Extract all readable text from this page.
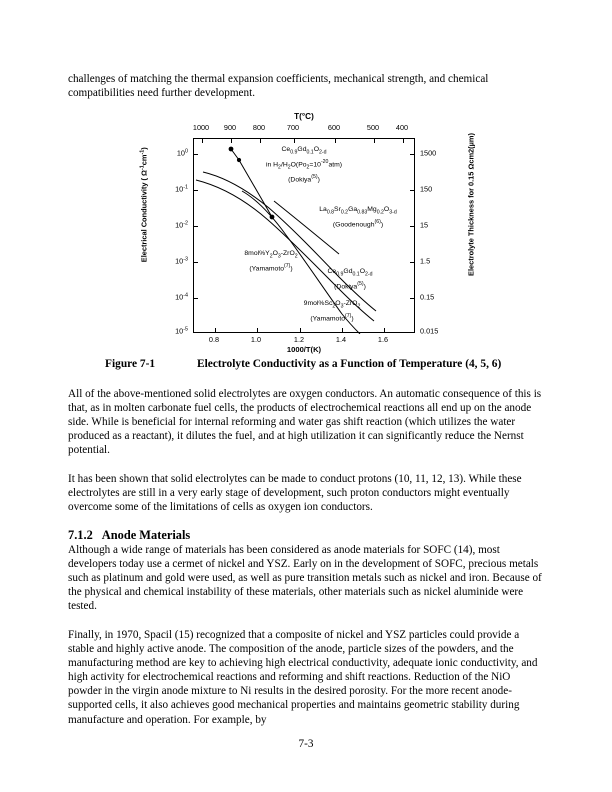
challenges of matching the thermal expansion coefficients, mechanical strength, and chemical compatibilities need further development.
T(°C)
1000 900 800	700	600	500 400
$Ce_{0.9}Gd_{0.1}O_{2-d}$
in $H_2/H_2O(Po_2=10^{-20}atm)$
(Dokiya$^{(5)}$)
$La_{0.8}Sr_{0.2}Ga_{0.83}Mg_{0.2}O_{3-d}$
(Goodenough$^{(6)}$)
$8mol\%Y_2O_3-ZrO_2$
(Yamamoto$^{(7)}$)	$Ce_{0.9}Gd_{0.1}O_{2-d}$
(Dokiya$^{(5)}$)
$9mol\%Sc_2O_3-ZrO_2$
(Yamamoto$^{(7)}$)
$10^0$
$10^{-1}$
$10^{-2}$
$10^{-3}$
$10^{-4}$
$10^{-5}$
1500
150
15
1.5
0.15
0.015
0.8	1.0	1.2	1.4	1.6
1000/T(K)
Electrical Conductivity ( $\Omega^{-1}cm^{-1}$)	Electrolyte Thickness for 0.15 Ωcm2(µm)
Figure 7-1	Electrolyte Conductivity as a Function of Temperature (4, 5, 6)
All of the above-mentioned solid electrolytes are oxygen conductors. An automatic consequence of this is that, as in molten carbonate fuel cells, the products of electrochemical reactions all end up on the anode side. While is beneficial for internal reforming and water gas shift reaction (which utilizes the water produced as a reactant), it dilutes the fuel, and at high utilization it can significantly reduce the Nernst potential.
It has been shown that solid electrolytes can be made to conduct protons (10, 11, 12, 13). While these electrolytes are still in a very early stage of development, such proton conductors might eventually overcome some of the limitations of cells as oxygen ion conductors.
7.1.2 Anode Materials
Although a wide range of materials has been considered as anode materials for SOFC (14), most developers today use a cermet of nickel and YSZ. Early on in the development of SOFC, precious metals such as platinum and gold were used, as well as pure transition metals such as nickel and iron. Because of the physical and chemical instability of these materials, other materials such as nickel aluminide were tested.
Finally, in 1970, Spacil (15) recognized that a composite of nickel and YSZ particles could provide a stable and highly active anode. The composition of the anode, particle sizes of the powders, and the manufacturing method are key to achieving high electrical conductivity, adequate ionic conductivity, and high activity for electrochemical reactions and reforming and shift reactions. Reduction of the NiO powder in the virgin anode mixture to Ni results in the desired porosity. For the more recent anode-supported cells, it also achieves good mechanical properties and maintains geometric stability during manufacture and operation. For example, by
7-3
